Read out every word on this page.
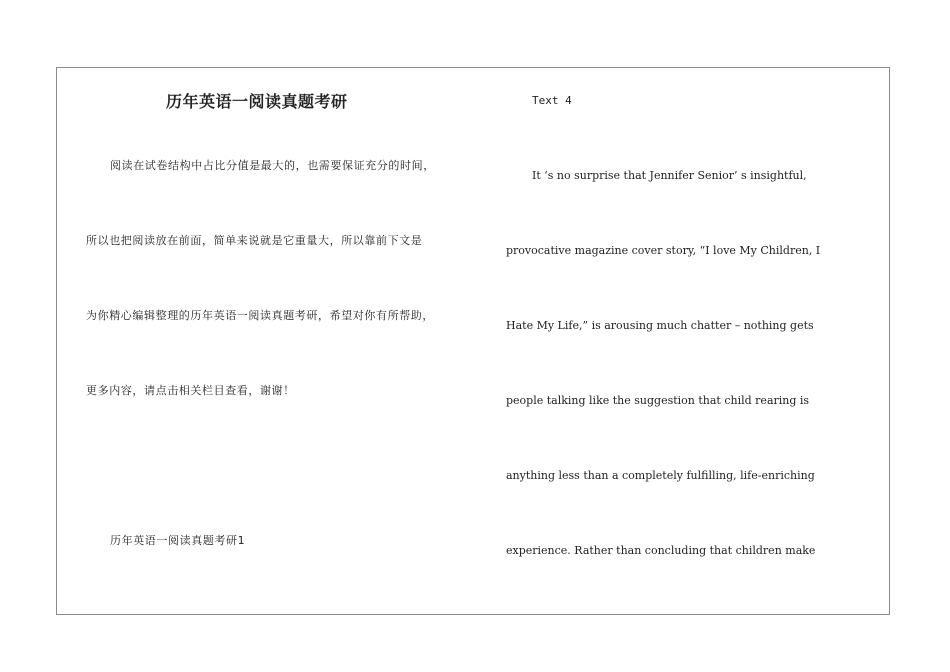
历年英语一阅读真题考研
阅读在试卷结构中占比分值是最大的，也需要保证充分的时间，
所以也把阅读放在前面，简单来说就是它重量大，所以靠前下文是
为你精心编辑整理的历年英语一阅读真题考研，希望对你有所帮助，
更多内容，请点击相关栏目查看，谢谢！
历年英语一阅读真题考研1
Text 4
It ‘s no surprise that Jennifer Senior’ s insightful,
provocative magazine cover story, “I love My Children, I
Hate My Life,” is arousing much chatter – nothing gets
people talking like the suggestion that child rearing is
anything less than a completely fulfilling, life-enriching
experience. Rather than concluding that children make
